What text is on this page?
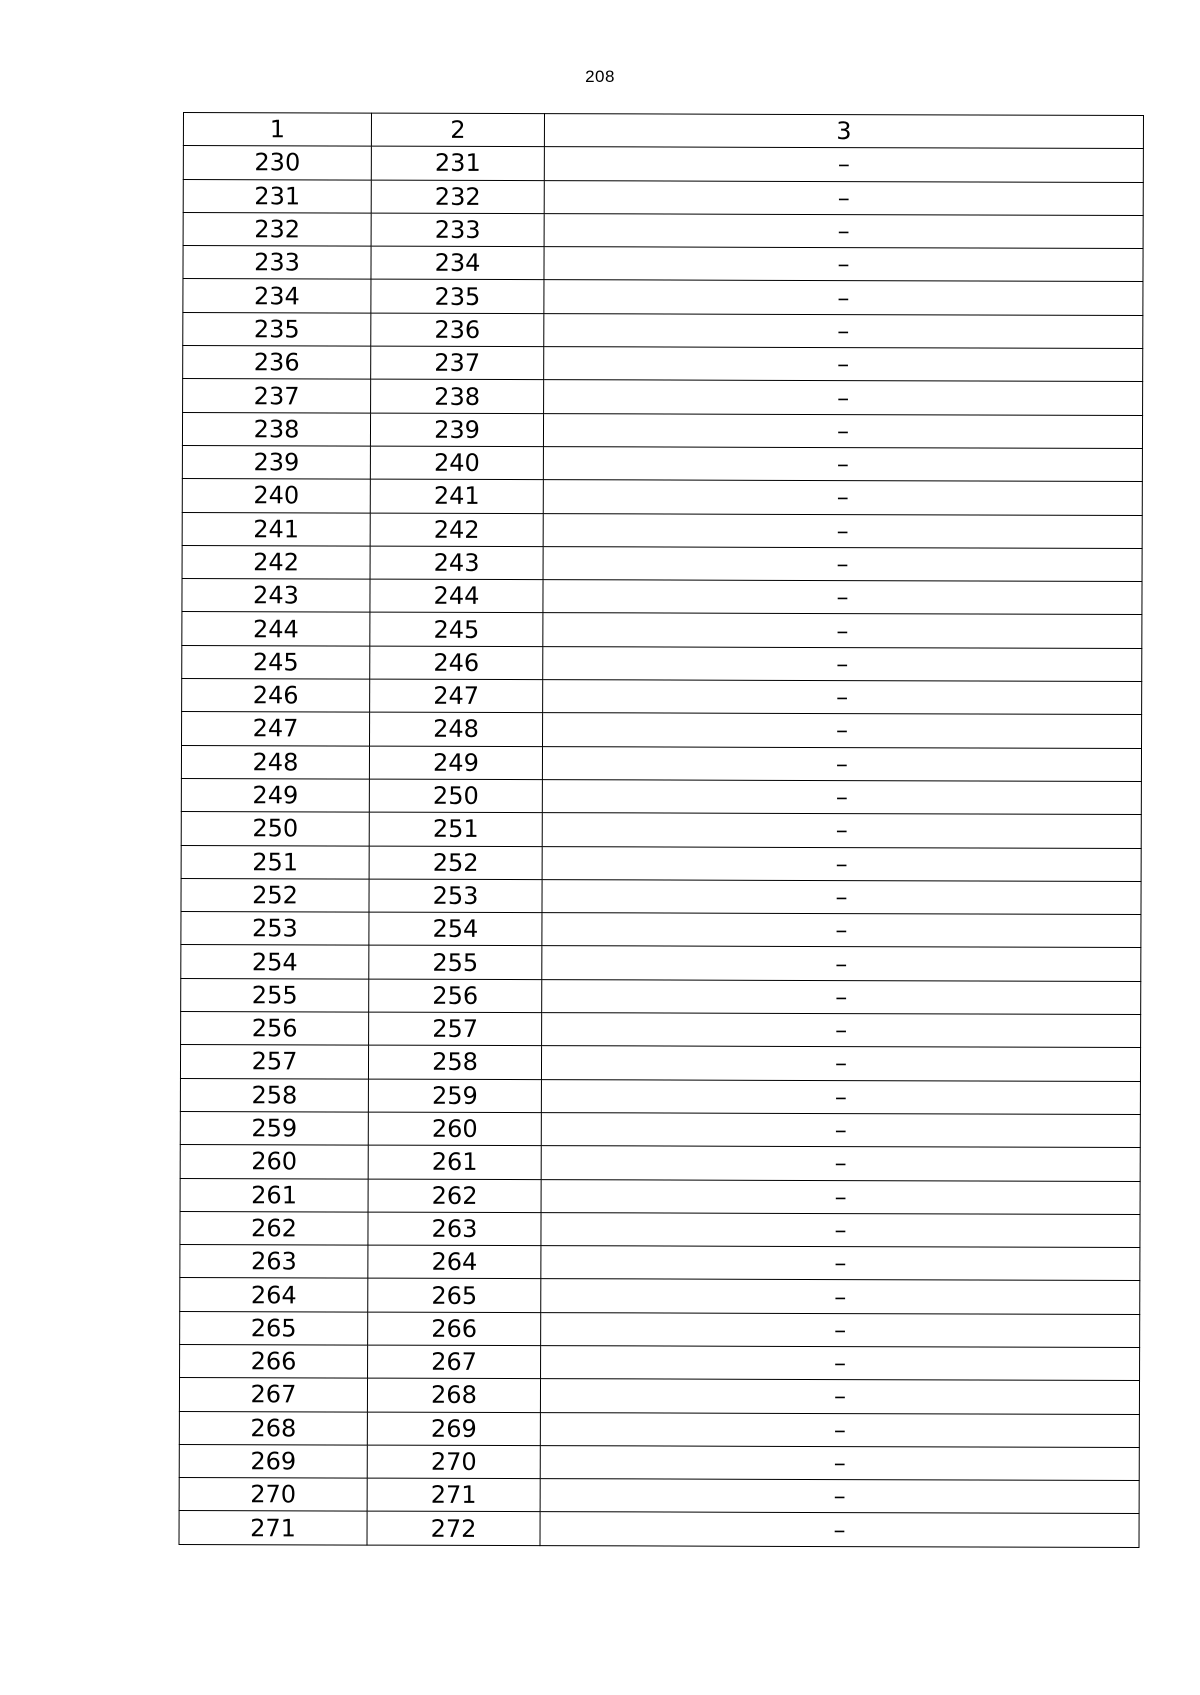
208
1	2	3
230	231	–
231	232	–
232	233	–
233	234	–
234	235	–
235	236	–
236	237	–
237	238	–
238	239	–
239	240	–
240	241	–
241	242	–
242	243	–
243	244	–
244	245	–
245	246	–
246	247	–
247	248	–
248	249	–
249	250	–
250	251	–
251	252	–
252	253	–
253	254	–
254	255	–
255	256	–
256	257	–
257	258	–
258	259	–
259	260	–
260	261	–
261	262	–
262	263	–
263	264	–
264	265	–
265	266	–
266	267	–
267	268	–
268	269	–
269	270	–
270	271	–
271	272	–
